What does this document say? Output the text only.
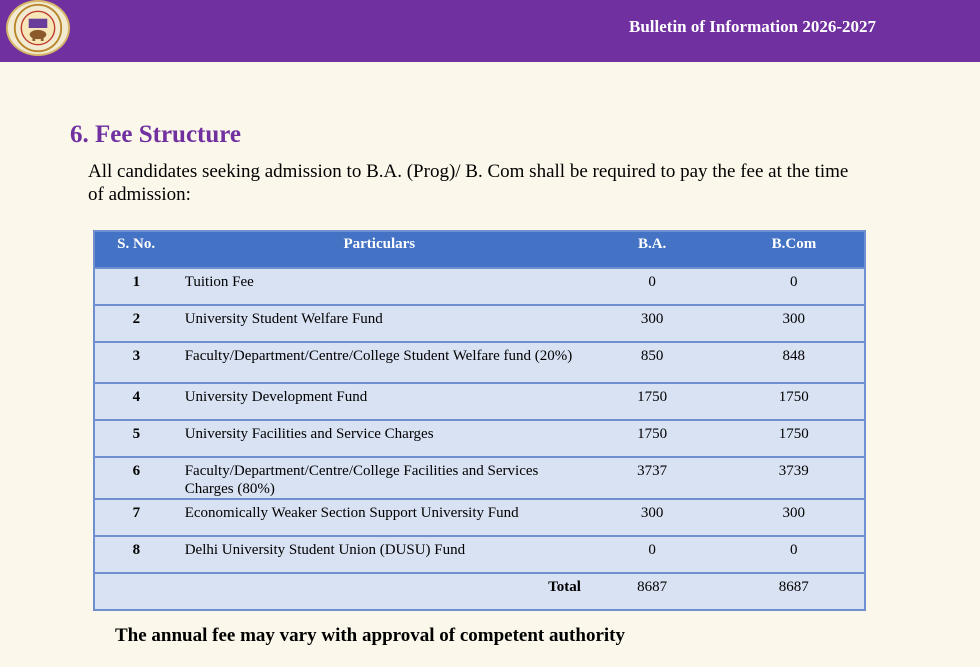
Bulletin of Information 2026-2027
6. Fee Structure
All candidates seeking admission to B.A. (Prog)/ B. Com shall be required to pay the fee at the time of admission:
S. No.	Particulars	B.A.	B.Com
1	Tuition Fee	0	0
2	University Student Welfare Fund	300	300
3	Faculty/Department/Centre/College Student Welfare fund (20%)	850	848
4	University Development Fund	1750	1750
5	University Facilities and Service Charges	1750	1750
6	Faculty/Department/Centre/College Facilities and Services Charges (80%)	3737	3739
7	Economically Weaker Section Support University Fund	300	300
8	Delhi University Student Union (DUSU) Fund	0	0
	Total	8687	8687
The annual fee may vary with approval of competent authority
